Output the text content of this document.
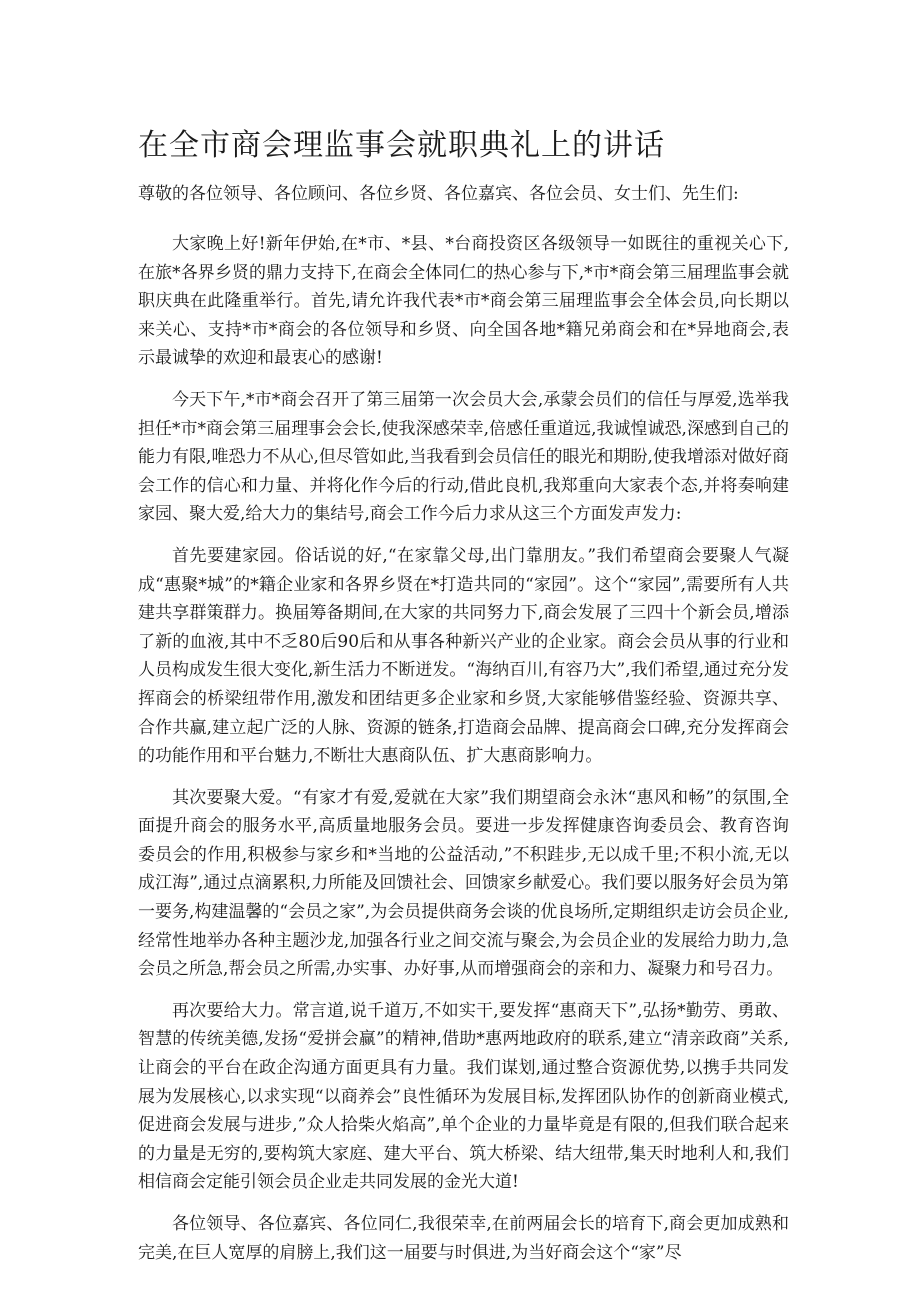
在全市商会理监事会就职典礼上的讲话

尊敬的各位领导、各位顾问、各位乡贤、各位嘉宾、各位会员、女士们、先生们:

大家晚上好!新年伊始,在*市、*县、*台商投资区各级领导一如既往的重视关心下,在旅*各界乡贤的鼎力支持下,在商会全体同仁的热心参与下,*市*商会第三届理监事会就职庆典在此隆重举行。首先,请允许我代表*市*商会第三届理监事会全体会员,向长期以来关心、支持*市*商会的各位领导和乡贤、向全国各地*籍兄弟商会和在*异地商会,表示最诚挚的欢迎和最衷心的感谢!

今天下午,*市*商会召开了第三届第一次会员大会,承蒙会员们的信任与厚爱,选举我担任*市*商会第三届理事会会长,使我深感荣幸,倍感任重道远,我诚惶诚恐,深感到自己的能力有限,唯恐力不从心,但尽管如此,当我看到会员信任的眼光和期盼,使我增添对做好商会工作的信心和力量、并将化作今后的行动,借此良机,我郑重向大家表个态,并将奏响建家园、聚大爱,给大力的集结号,商会工作今后力求从这三个方面发声发力:

首先要建家园。俗话说的好,“在家靠父母,出门靠朋友。”我们希望商会要聚人气凝成“惠聚*城”的*籍企业家和各界乡贤在*打造共同的“家园”。这个“家园”,需要所有人共建共享群策群力。换届筹备期间,在大家的共同努力下,商会发展了三四十个新会员,增添了新的血液,其中不乏80后90后和从事各种新兴产业的企业家。商会会员从事的行业和人员构成发生很大变化,新生活力不断迸发。“海纳百川,有容乃大”,我们希望,通过充分发挥商会的桥梁纽带作用,激发和团结更多企业家和乡贤,大家能够借鉴经验、资源共享、合作共赢,建立起广泛的人脉、资源的链条,打造商会品牌、提高商会口碑,充分发挥商会的功能作用和平台魅力,不断壮大惠商队伍、扩大惠商影响力。

其次要聚大爱。“有家才有爱,爱就在大家”我们期望商会永沐“惠风和畅”的氛围,全面提升商会的服务水平,高质量地服务会员。要进一步发挥健康咨询委员会、教育咨询委员会的作用,积极参与家乡和*当地的公益活动,”不积跬步,无以成千里;不积小流,无以成江海”,通过点滴累积,力所能及回馈社会、回馈家乡献爱心。我们要以服务好会员为第一要务,构建温馨的“会员之家”,为会员提供商务会谈的优良场所,定期组织走访会员企业,经常性地举办各种主题沙龙,加强各行业之间交流与聚会,为会员企业的发展给力助力,急会员之所急,帮会员之所需,办实事、办好事,从而增强商会的亲和力、凝聚力和号召力。

再次要给大力。常言道,说千道万,不如实干,要发挥“惠商天下”,弘扬*勤劳、勇敢、智慧的传统美德,发扬“爱拼会赢”的精神,借助*惠两地政府的联系,建立“清亲政商”关系,让商会的平台在政企沟通方面更具有力量。我们谋划,通过整合资源优势,以携手共同发展为发展核心,以求实现“以商养会”良性循环为发展目标,发挥团队协作的创新商业模式,促进商会发展与进步,”众人拾柴火焰高”,单个企业的力量毕竟是有限的,但我们联合起来的力量是无穷的,要构筑大家庭、建大平台、筑大桥梁、结大纽带,集天时地利人和,我们相信商会定能引领会员企业走共同发展的金光大道!

各位领导、各位嘉宾、各位同仁,我很荣幸,在前两届会长的培育下,商会更加成熟和完美,在巨人宽厚的肩膀上,我们这一届要与时俱进,为当好商会这个“家”尽
